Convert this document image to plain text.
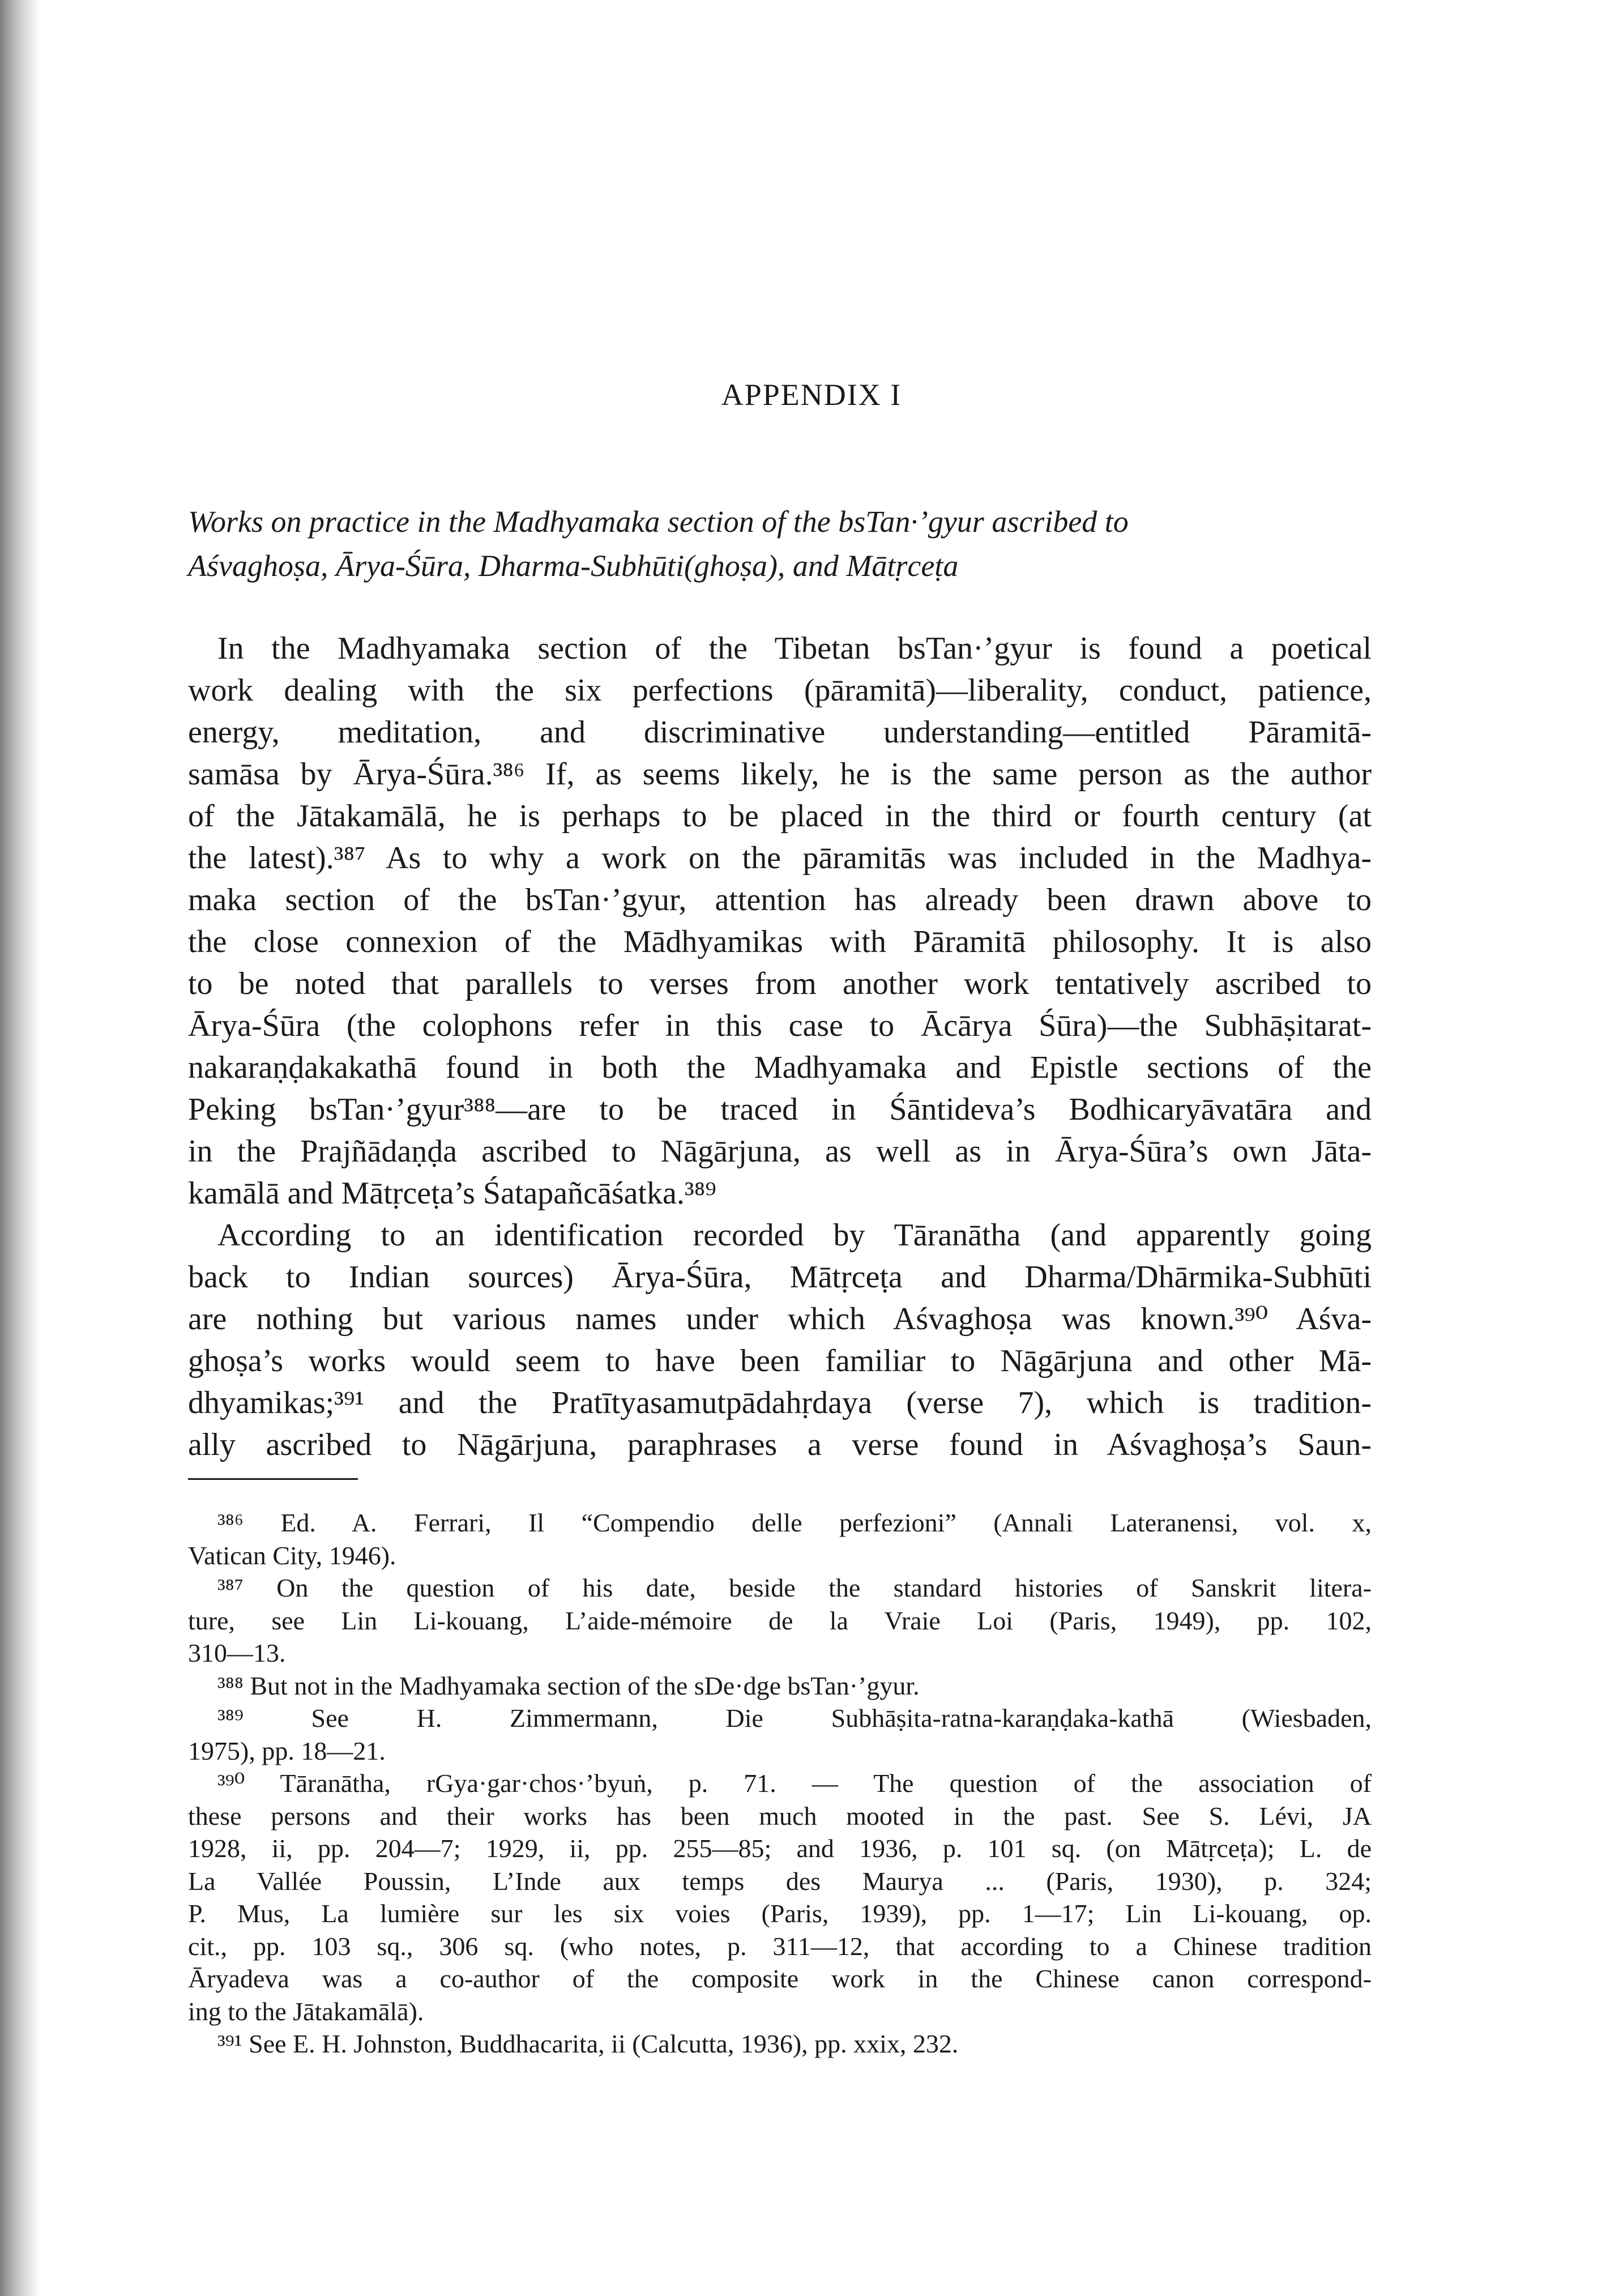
APPENDIX I
Works on practice in the Madhyamaka section of the bsTan·’gyur ascribed to
Aśvaghoṣa, Ārya-Śūra, Dharma-Subhūti(ghoṣa), and Mātṛceṭa
In the Madhyamaka section of the Tibetan bsTan·’gyur is found a poetical
work dealing with the six perfections (pāramitā)—liberality, conduct, patience,
energy, meditation, and discriminative understanding—entitled Pāramitā-
samāsa by Ārya-Śūra.³⁸⁶ If, as seems likely, he is the same person as the author
of the Jātakamālā, he is perhaps to be placed in the third or fourth century (at
the latest).³⁸⁷ As to why a work on the pāramitās was included in the Madhya-
maka section of the bsTan·’gyur, attention has already been drawn above to
the close connexion of the Mādhyamikas with Pāramitā philosophy. It is also
to be noted that parallels to verses from another work tentatively ascribed to
Ārya-Śūra (the colophons refer in this case to Ācārya Śūra)—the Subhāṣitarat-
nakaraṇḍakakathā found in both the Madhyamaka and Epistle sections of the
Peking bsTan·’gyur³⁸⁸—are to be traced in Śāntideva’s Bodhicaryāvatāra and
in the Prajñādaṇḍa ascribed to Nāgārjuna, as well as in Ārya-Śūra’s own Jāta-
kamālā and Mātṛceṭa’s Śatapañcāśatka.³⁸⁹
According to an identification recorded by Tāranātha (and apparently going
back to Indian sources) Ārya-Śūra, Mātṛceṭa and Dharma/Dhārmika-Subhūti
are nothing but various names under which Aśvaghoṣa was known.³⁹⁰ Aśva-
ghoṣa’s works would seem to have been familiar to Nāgārjuna and other Mā-
dhyamikas;³⁹¹ and the Pratītyasamutpādahṛdaya (verse 7), which is tradition-
ally ascribed to Nāgārjuna, paraphrases a verse found in Aśvaghoṣa’s Saun-
³⁸⁶ Ed. A. Ferrari, Il “Compendio delle perfezioni” (Annali Lateranensi, vol. x,
Vatican City, 1946).
³⁸⁷ On the question of his date, beside the standard histories of Sanskrit litera-
ture, see Lin Li-kouang, L’aide-mémoire de la Vraie Loi (Paris, 1949), pp. 102,
310—13.
³⁸⁸ But not in the Madhyamaka section of the sDe·dge bsTan·’gyur.
³⁸⁹ See H. Zimmermann, Die Subhāṣita-ratna-karaṇḍaka-kathā (Wiesbaden,
1975), pp. 18—21.
³⁹⁰ Tāranātha, rGya·gar·chos·’byuṅ, p. 71. — The question of the association of
these persons and their works has been much mooted in the past. See S. Lévi, JA
1928, ii, pp. 204—7; 1929, ii, pp. 255—85; and 1936, p. 101 sq. (on Mātṛceṭa); L. de
La Vallée Poussin, L’Inde aux temps des Maurya ... (Paris, 1930), p. 324;
P. Mus, La lumière sur les six voies (Paris, 1939), pp. 1—17; Lin Li-kouang, op.
cit., pp. 103 sq., 306 sq. (who notes, p. 311—12, that according to a Chinese tradition
Āryadeva was a co-author of the composite work in the Chinese canon correspond-
ing to the Jātakamālā).
³⁹¹ See E. H. Johnston, Buddhacarita, ii (Calcutta, 1936), pp. xxix, 232.
